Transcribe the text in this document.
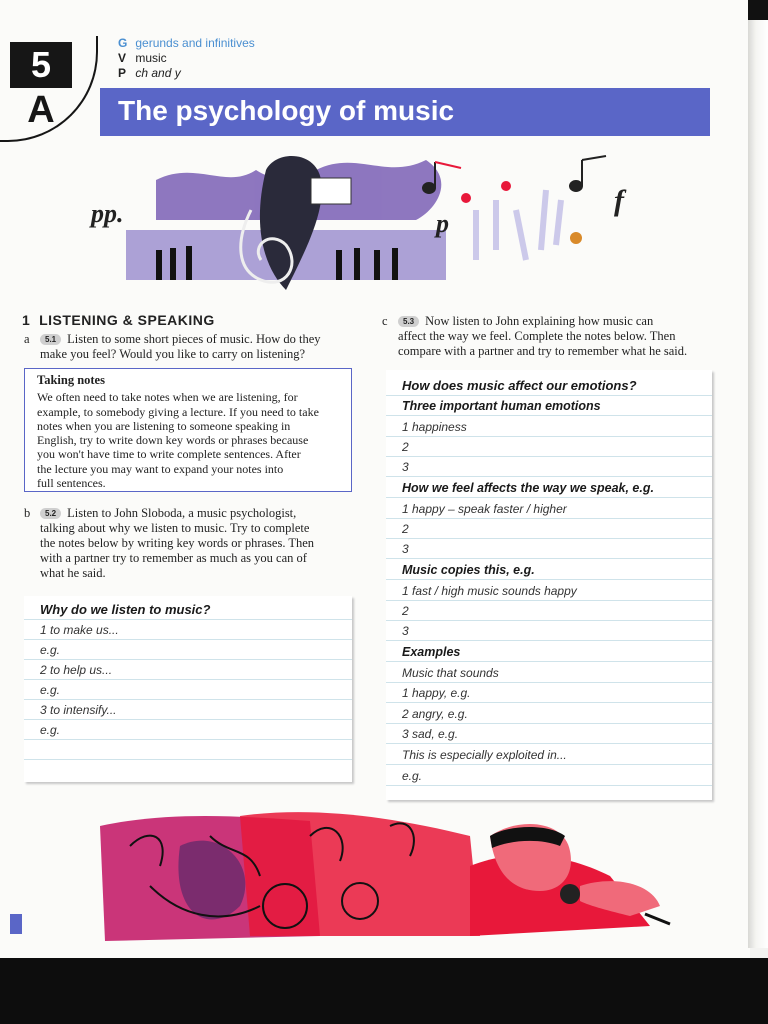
5
A
G gerunds and infinitives
V music
P ch and y
The psychology of music
pp.	p
f
1 LISTENING & SPEAKING
a	5.1 Listen to some short pieces of music. How do they
make you feel? Would you like to carry on listening?
Taking notes
We often need to take notes when we are listening, for
example, to somebody giving a lecture. If you need to take
notes when you are listening to someone speaking in
English, try to write down key words or phrases because
you won't have time to write complete sentences. After
the lecture you may want to expand your notes into
full sentences.
b	5.2 Listen to John Sloboda, a music psychologist,
talking about why we listen to music. Try to complete
the notes below by writing key words or phrases. Then
with a partner try to remember as much as you can of
what he said.
Why do we listen to music?
1 to make us...
e.g.
2 to help us...
e.g.
3 to intensify...
e.g.
c	5.3 Now listen to John explaining how music can
affect the way we feel. Complete the notes below. Then
compare with a partner and try to remember what he said.
How does music affect our emotions?
Three important human emotions
1 happiness
2
3
How we feel affects the way we speak, e.g.
1 happy – speak faster / higher
2
3
Music copies this, e.g.
1 fast / high music sounds happy
2
3
Examples
Music that sounds
1 happy, e.g.
2 angry, e.g.
3 sad, e.g.
This is especially exploited in...
e.g.
